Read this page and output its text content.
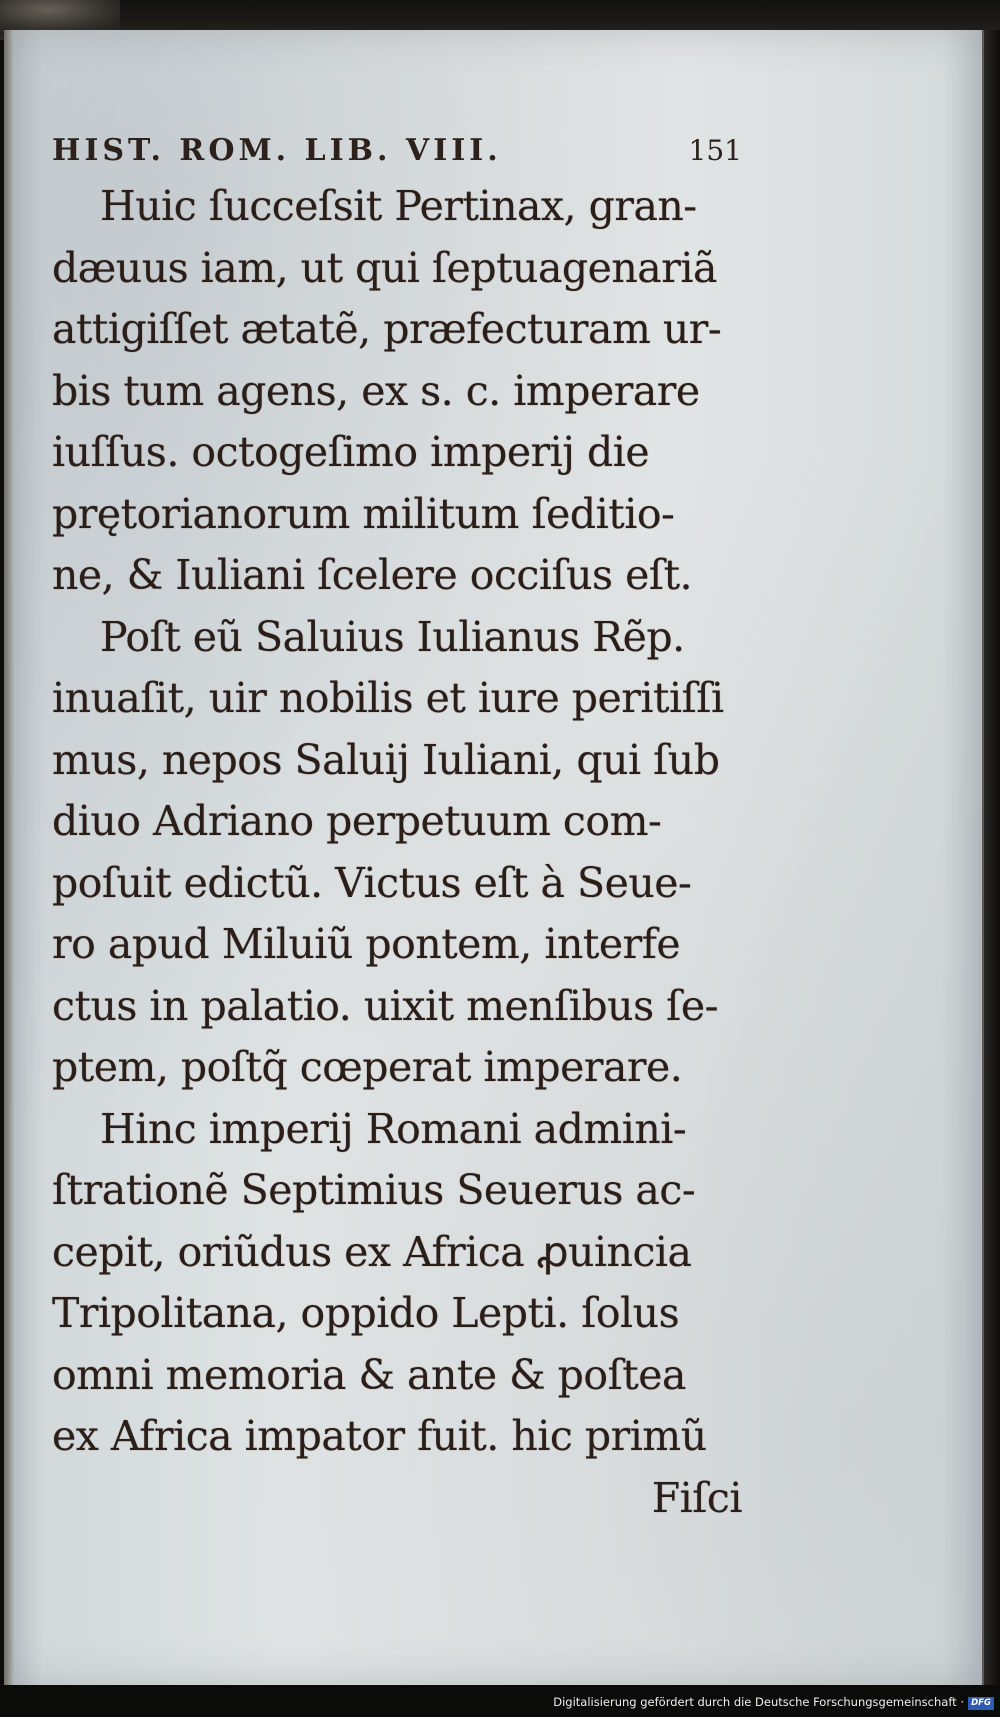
HIST. ROM. LIB. VIII.	151
Huic ſucceſsit Pertinax, gran-
dæuus iam, ut qui ſeptuagenariã
attigiſſet ætatẽ, præfecturam ur-
bis tum agens, ex s. c. imperare
iuſſus. octogeſimo imperij die
prętorianorum militum ſeditio-
ne, & Iuliani ſcelere occiſus eſt.
Poſt eũ Saluius Iulianus Rẽp.
inuaſit, uir nobilis et iure peritiſſi
mus, nepos Saluij Iuliani, qui ſub
diuo Adriano perpetuum com-
poſuit edictũ. Victus eſt à Seue-
ro apud Miluiũ pontem, interfe
ctus in palatio. uixit menſibus ſe-
ptem, poſtq̃ cœperat imperare.
Hinc imperij Romani admini-
ſtrationẽ Septimius Seuerus ac-
cepit, oriũdus ex Africa ꝓuincia
Tripolitana, oppido Lepti. ſolus
omni memoria & ante & poſtea
ex Africa impator fuit. hic primũ
Fiſci
Digitalisierung gefördert durch die Deutsche Forschungsgemeinschaft · DFG
